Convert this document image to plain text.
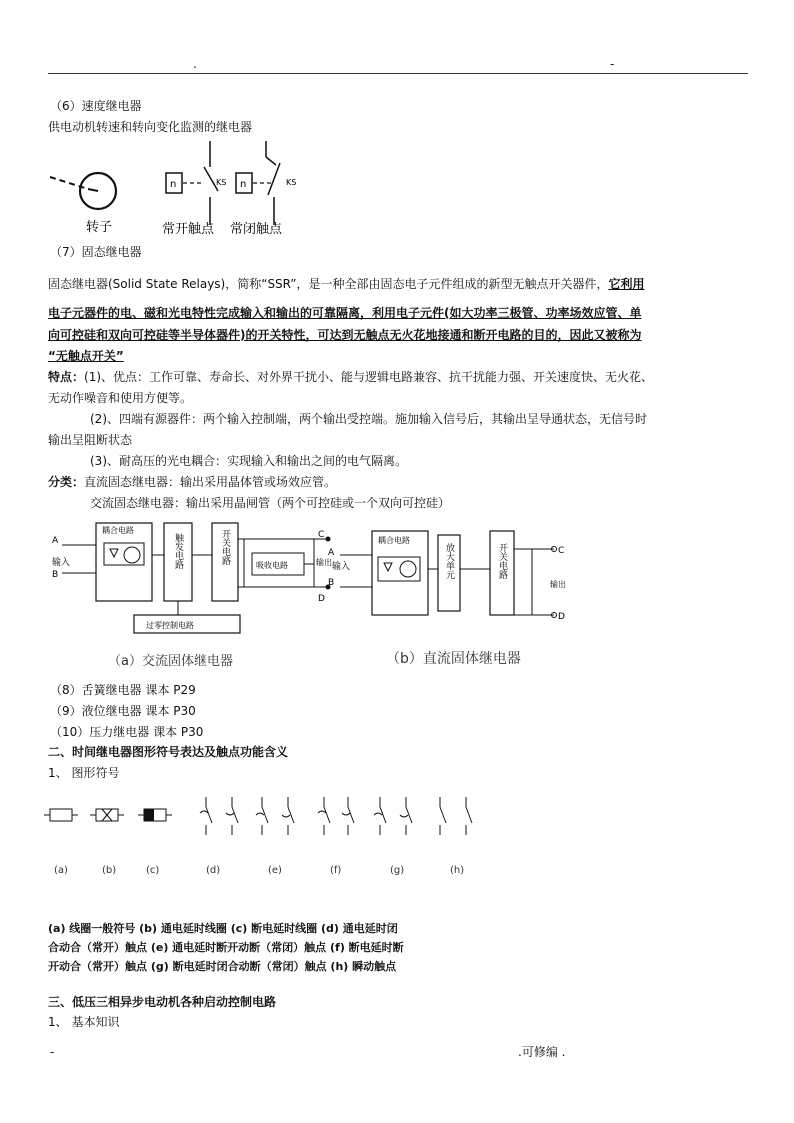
.	-
（6）速度继电器
供电动机转速和转向变化监测的继电器
转子
n	KS
常开触点
n	KS
常闭触点
（7）固态继电器
固态继电器(Solid State Relays)，简称“SSR”，是一种全部由固态电子元件组成的新型无触点开关器件，它利用
电子元器件的电、磁和光电特性完成输入和输出的可靠隔离，利用电子元件(如大功率三极管、功率场效应管、单
向可控硅和双向可控硅等半导体器件)的开关特性，可达到无触点无火花地接通和断开电路的目的，因此又被称为
“无触点开关”
特点：(1)、优点：工作可靠、寿命长、对外界干扰小、能与逻辑电路兼容、抗干扰能力强、开关速度快、无火花、
无动作噪音和使用方便等。
(2)、四端有源器件：两个输入控制端，两个输出受控端。施加输入信号后，其输出呈导通状态，无信号时
输出呈阻断状态
(3)、耐高压的光电耦合：实现输入和输出之间的电气隔离。
分类：直流固态继电器：输出采用晶体管或场效应管。
交流固态继电器：输出采用晶闸管（两个可控硅或一个双向可控硅）
A
输入
B
耦合电路
触发电路	开关电路
吸收电路	输出
C
D
过零控制电路
（a）交流固体继电器
A
输入
B
耦合电路
放大单元	开关电路	C
D
输出
（b）直流固体继电器
（8）舌簧继电器 课本 P29
（9）液位继电器 课本 P30
（10）压力继电器 课本 P30
二、时间继电器图形符号表达及触点功能含义
1、 图形符号
(a)	(b)	(c)	(d)	(e)	(f)	(g)	(h)
(a) 线圈一般符号 (b) 通电延时线圈 (c) 断电延时线圈 (d) 通电延时闭
合动合（常开）触点 (e) 通电延时断开动断（常闭）触点 (f) 断电延时断
开动合（常开）触点 (g) 断电延时闭合动断（常闭）触点 (h) 瞬动触点
三、低压三相异步电动机各种启动控制电路
1、 基本知识
-	.可修编 .
